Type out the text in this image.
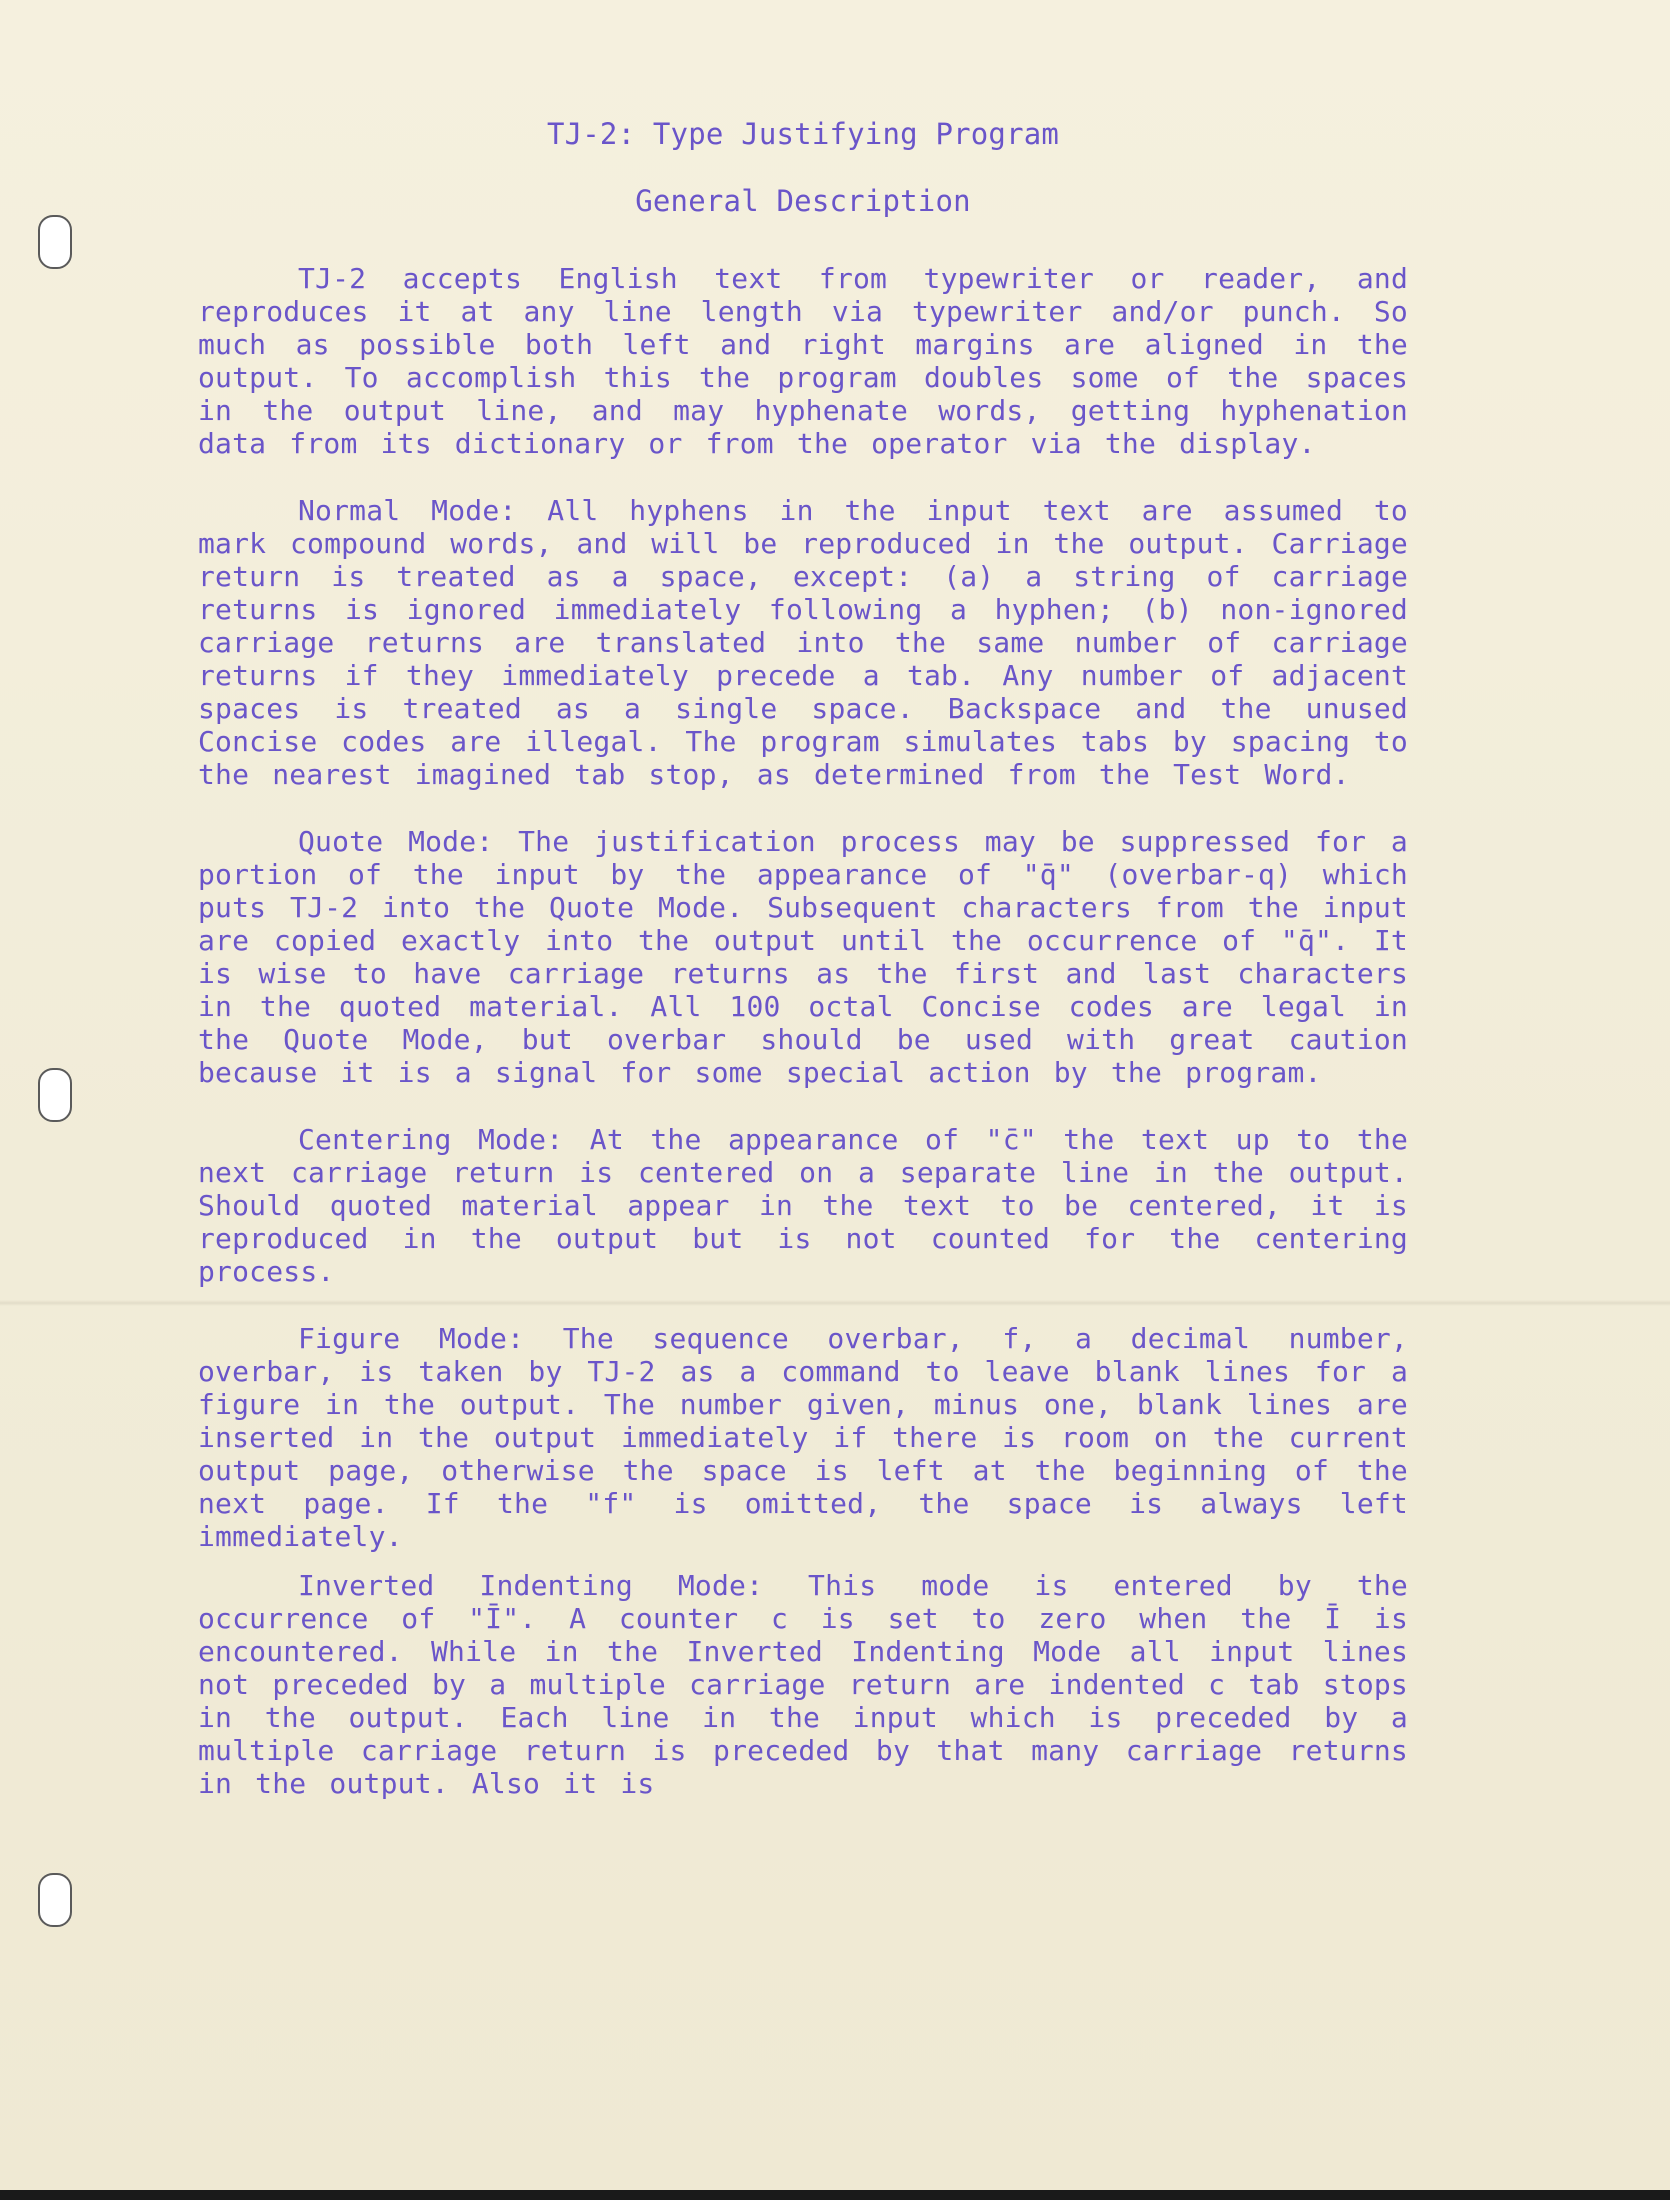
TJ-2: Type Justifying Program

General Description

TJ-2 accepts English text from typewriter or reader, and reproduces it at any line length via typewriter and/or punch. So much as possible both left and right margins are aligned in the output. To accomplish this the program doubles some of the spaces in the output line, and may hyphenate words, getting hyphenation data from its dictionary or from the operator via the display.

Normal Mode: All hyphens in the input text are assumed to mark compound words, and will be reproduced in the output. Carriage return is treated as a space, except: (a) a string of carriage returns is ignored immediately following a hyphen; (b) non-ignored carriage returns are translated into the same number of carriage returns if they immediately precede a tab. Any number of adjacent spaces is treated as a single space. Backspace and the unused Concise codes are illegal. The program simulates tabs by spacing to the nearest imagined tab stop, as determined from the Test Word.

Quote Mode: The justification process may be suppressed for a portion of the input by the appearance of "q̄" (overbar-q) which puts TJ-2 into the Quote Mode. Subsequent characters from the input are copied exactly into the output until the occurrence of "q̄". It is wise to have carriage returns as the first and last characters in the quoted material. All 100 octal Concise codes are legal in the Quote Mode, but overbar should be used with great caution because it is a signal for some special action by the program.

Centering Mode: At the appearance of "c̄" the text up to the next carriage return is centered on a separate line in the output. Should quoted material appear in the text to be centered, it is reproduced in the output but is not counted for the centering process.

Figure Mode: The sequence overbar, f, a decimal number, overbar, is taken by TJ-2 as a command to leave blank lines for a figure in the output. The number given, minus one, blank lines are inserted in the output immediately if there is room on the current output page, otherwise the space is left at the beginning of the next page. If the "f" is omitted, the space is always left immediately.

Inverted Indenting Mode: This mode is entered by the occurrence of "Ī". A counter c is set to zero when the Ī is encountered. While in the Inverted Indenting Mode all input lines not preceded by a multiple carriage return are indented c tab stops in the output. Each line in the input which is preceded by a multiple carriage return is preceded by that many carriage returns in the output. Also it is
